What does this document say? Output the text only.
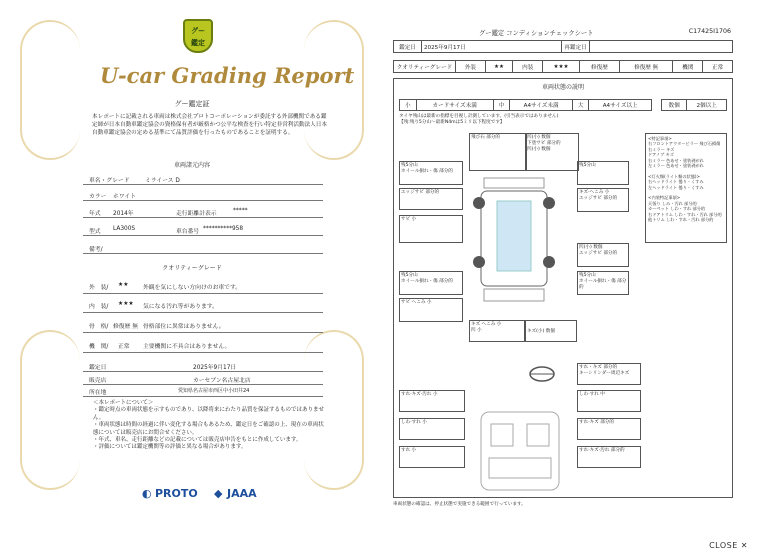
グー
鑑定
U-car Grading Report
グー鑑定証
本レポートに記載される車両は株式会社プロトコーポレーションが委託する外部機関である鑑定師が日本自動車鑑定協会の資格保有者が厳格かつ公平な検査を行い特定非営利活動法人日本自動車鑑定協会の定める基準にて品質評価を行ったものであることを証明する。
車両諸元内容
車名・グレード	ミライース D
カラー ホワイト
年式 2014年	走行距離計表示	*****
型式 LA300S	車台番号 **********958
備考/
クオリティーグレード
外　装/ ★★	外観を気にしない方向けのお車です。
内　装/ ★★★ 気になる汚れ等があります。
骨　格/ 修復歴 無 骨格部位に異常はありません。
機　関/ 正常 主要機関に不具合はありません。
鑑定日	2025年9月17日
販売店	カーセブン名古屋北店
所在地	愛知県名古屋市西区中小田井24
＜本レポートについて＞
・鑑定時点の車両状態を示すものであり、以降将来にわたり品質を保証するものではありません。
・車両状態は時間の経過に伴い変化する場合もあるため、鑑定日をご確認の上、現在の車両状態については販売店にお問合せください。
・年式、車名、走行距離などの記載については販売店申告をもとに作成しています。
・評価については鑑定機関等の評価と異なる場合があります。
◐ PROTO ◆ JAAA
グー鑑定 コンディションチェックシート	C17425I1706
鑑定日	2025年9月17日	再鑑定日	
クオリティーグレード	外装	★★	内装	★★★	修復歴	修復歴 無	機関	正常
車両状態の説明
小	カードサイズ未満	中	A4サイズ未満	大	A4サイズ以上		数個	2個以上
タイヤ残山は最新の指標を目視し計測しています。(引当表示ではありません)
【残:残り5分山〜最新N4mは5ミリ以下程度です】
飛び石 部分的	凹(小) 数個
下塗サビ 部分的
凹(小) 数個
残5分山
ホイール損れ・傷 部分的
エッジサビ 部分的
サビ 小
残5分山
ホイール損れ・傷 部分的
サビ へこみ 小
残5分山
キズ·へこみ 小
エッジサビ 部分的
凹(小) 数個
エッジサビ 部分的
残5分山
ホイール損れ・傷 部分的
キズ へこみ 小
凹 小	キズ(小) 数個
<特記事項>
右フロントアウターピラー 飛び石損傷
右ミラー キズ
ドアノブ キズ
右ミラー 色あせ・塗装剥がれ
左ミラー 色あせ・塗装剥がれ

<灯火類(ライト類の状態)>
右ヘッドライト 曇り・くすみ
左ヘッドライト 曇り・くすみ

<内装特記事項>
天張り しみ・汚れ 部分的
カーペット しわ・すれ 部分的
右ドアトリム しわ・すれ・汚れ 部分的
他トリム しわ・すれ・汚れ 部分的
すれ・キズ 部分的
キーシリンダー周辺キズ
すれ·キズ·汚れ 小	しわ·すれ 中
しわ·すれ 小	すれ·キズ 部分的
すれ 小	すれ·キズ·汚れ 部分的
車両状態の確認は、停止状態で実施できる範囲で行っています。
CLOSE ✕
